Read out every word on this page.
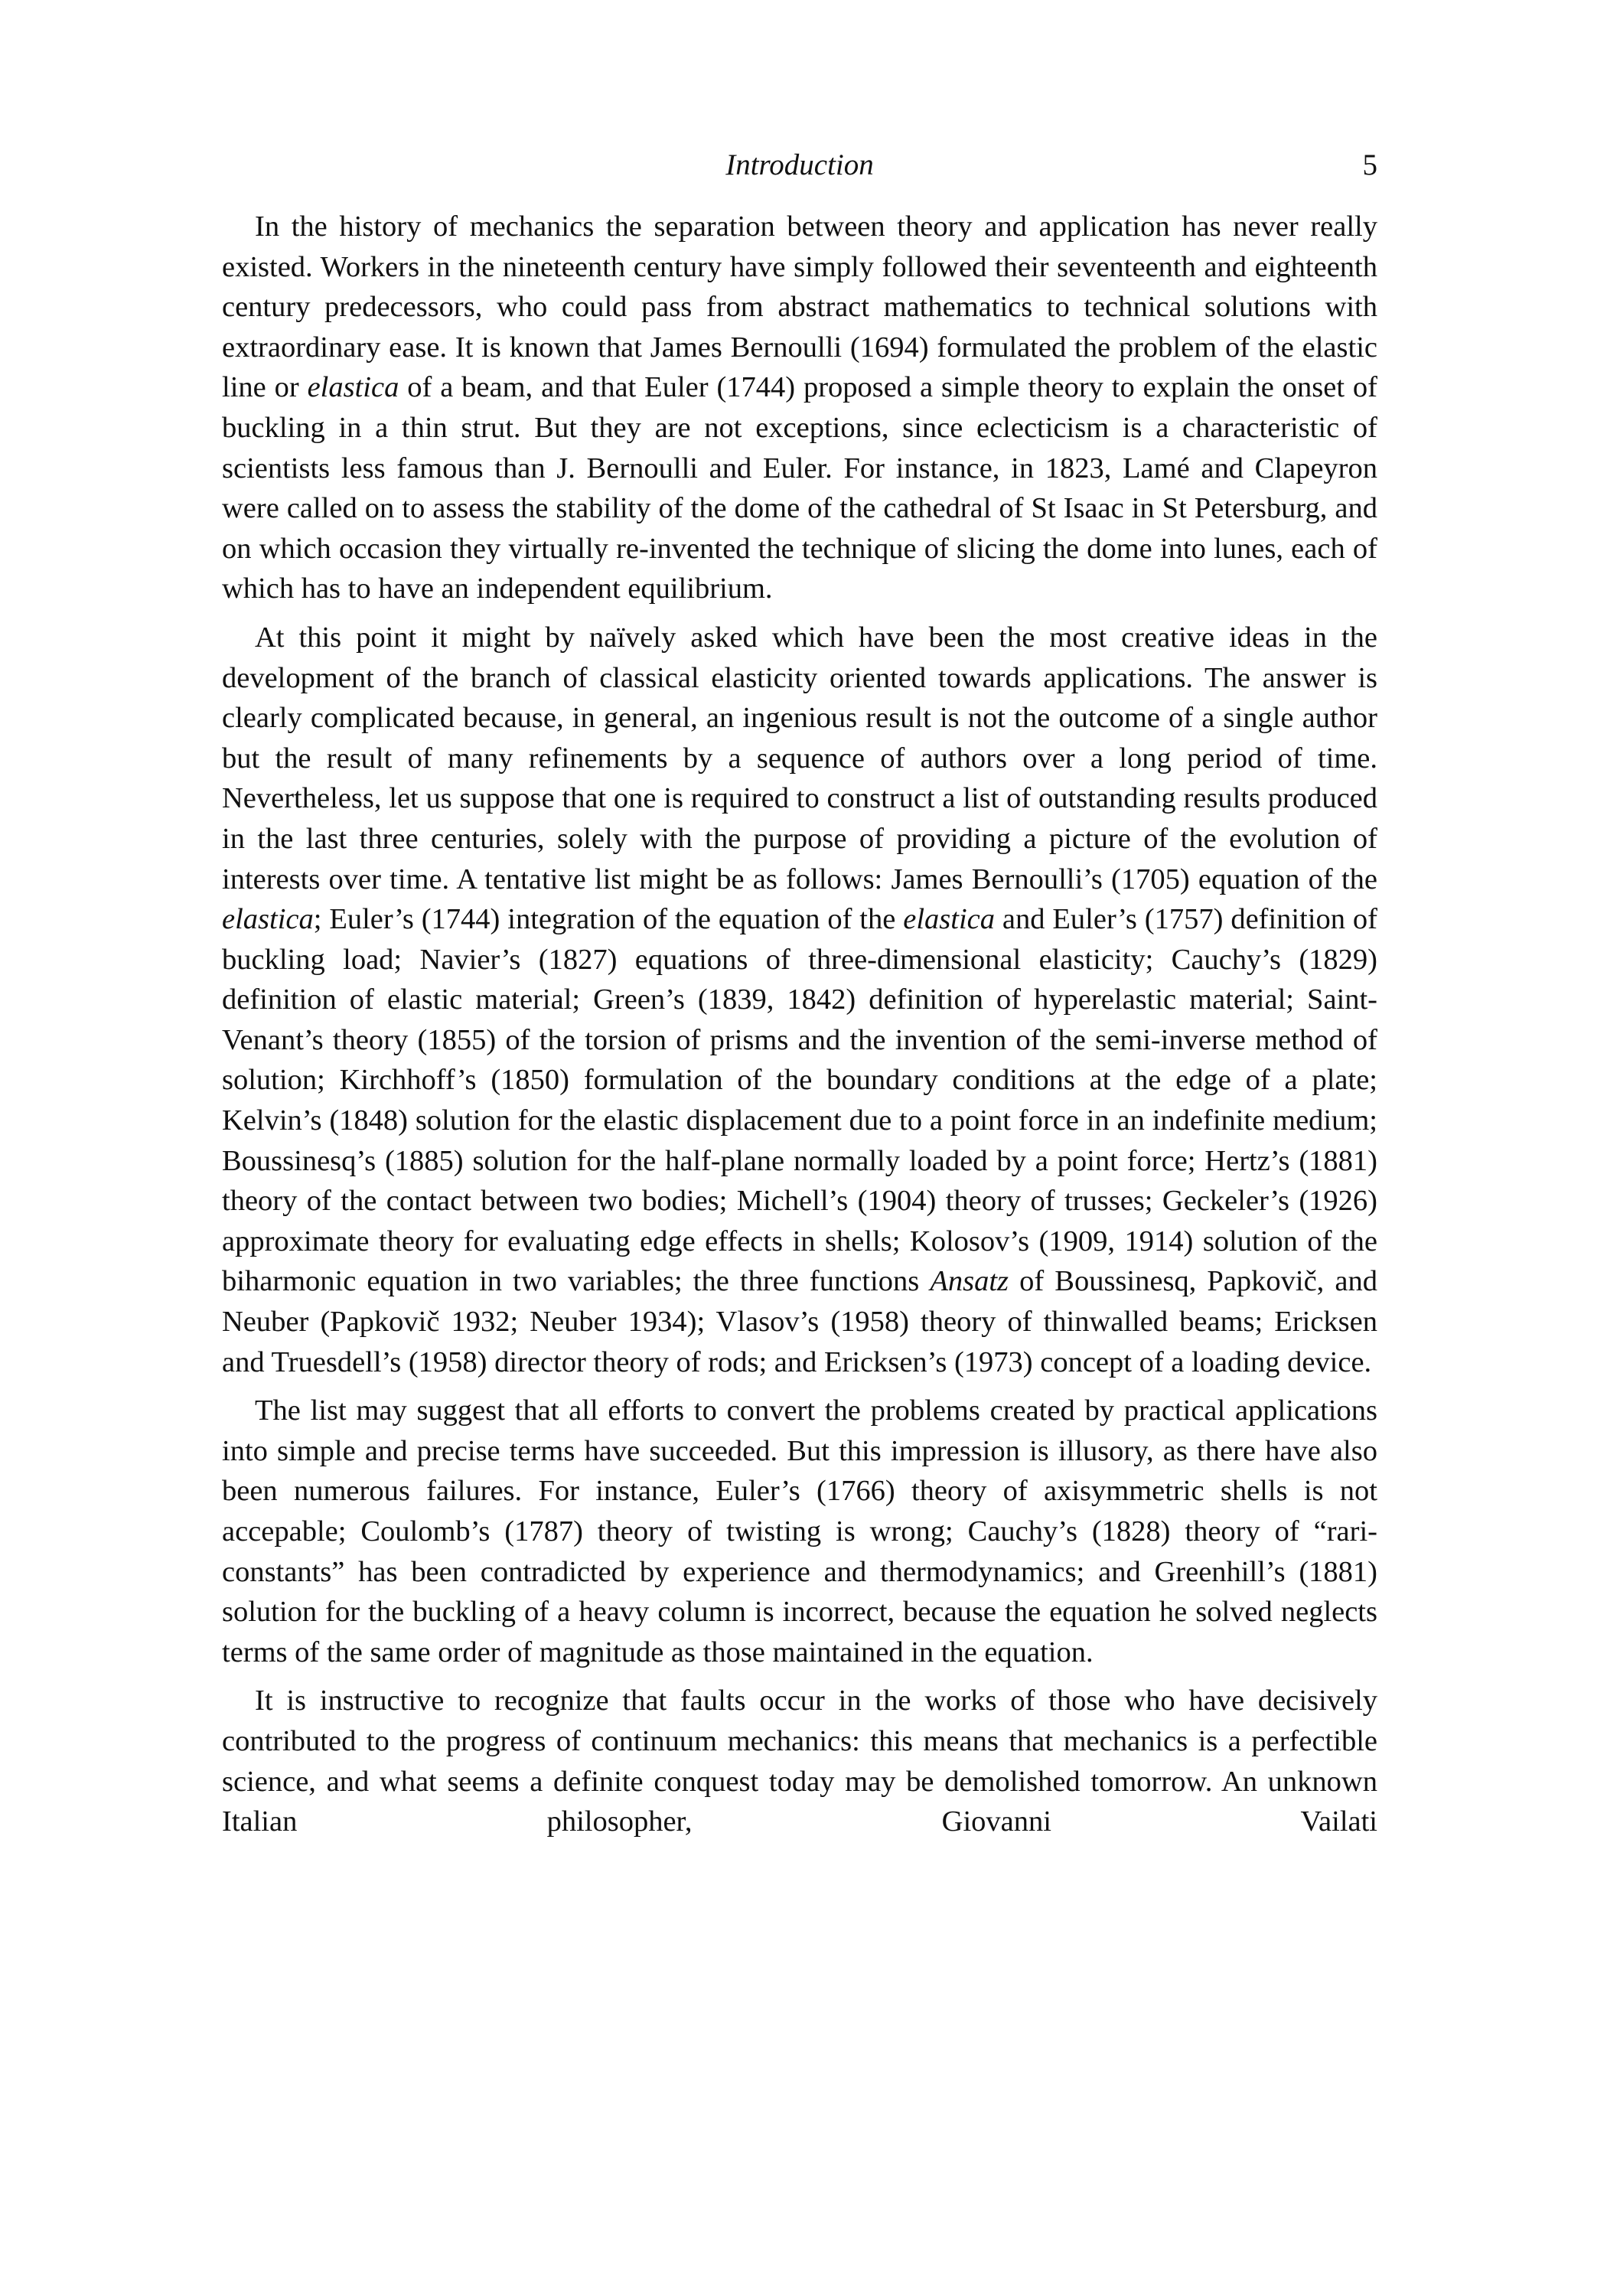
Introduction	5

In the history of mechanics the separation between theory and application has never really existed. Workers in the nineteenth century have simply followed their seventeenth and eighteenth century predecessors, who could pass from abstract mathematics to technical solutions with extraordinary ease. It is known that James Bernoulli (1694) formulated the problem of the elastic line or elastica of a beam, and that Euler (1744) proposed a simple theory to explain the onset of buckling in a thin strut. But they are not exceptions, since eclecticism is a characteristic of scientists less famous than J. Bernoulli and Euler. For instance, in 1823, Lamé and Clapeyron were called on to assess the stability of the dome of the cathedral of St Isaac in St Petersburg, and on which occasion they virtually re-invented the technique of slicing the dome into lunes, each of which has to have an independent equilibrium.

At this point it might by naïvely asked which have been the most creative ideas in the development of the branch of classical elasticity oriented towards applications. The answer is clearly complicated because, in general, an ingenious result is not the outcome of a single author but the result of many refinements by a sequence of authors over a long period of time. Nevertheless, let us suppose that one is required to construct a list of outstanding results produced in the last three centuries, solely with the purpose of providing a picture of the evolution of interests over time. A tentative list might be as follows: James Bernoulli’s (1705) equation of the elastica; Euler’s (1744) integration of the equation of the elastica and Euler’s (1757) definition of buckling load; Navier’s (1827) equations of three-dimensional elasticity; Cauchy’s (1829) definition of elastic material; Green’s (1839, 1842) definition of hyperelastic material; Saint-Venant’s theory (1855) of the torsion of prisms and the invention of the semi-inverse method of solution; Kirchhoff’s (1850) formulation of the boundary conditions at the edge of a plate; Kelvin’s (1848) solution for the elastic displacement due to a point force in an indefinite medium; Boussinesq’s (1885) solution for the half-plane normally loaded by a point force; Hertz’s (1881) theory of the contact between two bodies; Michell’s (1904) theory of trusses; Geckeler’s (1926) approximate theory for evaluating edge effects in shells; Kolosov’s (1909, 1914) solution of the biharmonic equation in two variables; the three functions Ansatz of Boussinesq, Papkovič, and Neuber (Papkovič 1932; Neuber 1934); Vlasov’s (1958) theory of thinwalled beams; Ericksen and Truesdell’s (1958) director theory of rods; and Ericksen’s (1973) concept of a loading device.

The list may suggest that all efforts to convert the problems created by practical applications into simple and precise terms have succeeded. But this impression is illusory, as there have also been numerous failures. For instance, Euler’s (1766) theory of axisymmetric shells is not accepable; Coulomb’s (1787) theory of twisting is wrong; Cauchy’s (1828) theory of “rari-constants” has been contradicted by experience and thermodynamics; and Greenhill’s (1881) solution for the buckling of a heavy column is incorrect, because the equation he solved neglects terms of the same order of magnitude as those maintained in the equation.

It is instructive to recognize that faults occur in the works of those who have decisively contributed to the progress of continuum mechanics: this means that mechanics is a perfectible science, and what seems a definite conquest today may be demolished tomorrow. An unknown Italian philosopher, Giovanni Vailati
